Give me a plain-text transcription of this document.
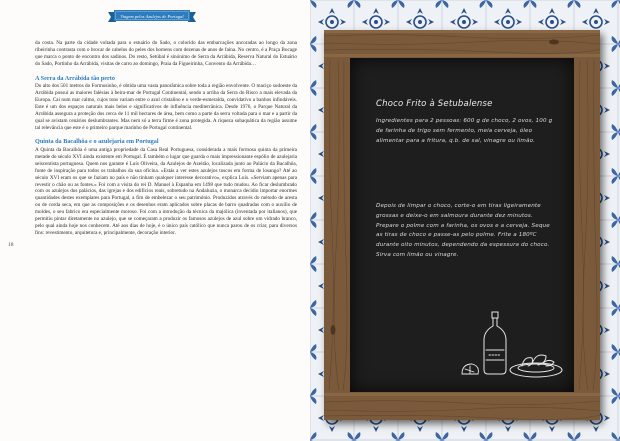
Viagem pelos Azulejos de Portugal
18

da costa. Na parte da cidade voltada para o estuário do Sado, o colorido das embarcações ancoradas ao longo da zona ribeirinha contrasta com o brocar de cabelos do peles dos homens com dezenas de anos de faina. No centro, é a Praça Bocage que marca o ponto de encontro dos sadinos. Do resto, Setúbal é sinónimo de Serra da Arrábida, Reserva Natural do Estuário do Sado, Portinho da Arrábida, visitas de carro ao domingo, Praia da Figueirinha, Convento da Arrábida…

A Serra da Arrábida tão perto

Do alto dos 501 metros do Formosinho, é obtida uma vasta panorâmica sobre toda a região envolvente. O maciço sudoeste da Arrábida possui as maiores falésias à beira-mar de Portugal Continental, sendo a arriba da Serra do Risco a mais elevada da Europa. Cai num mar calmo, cujos tons variam entre o azul cristalino e o verde-esmeralda, convidativo a banhos infindáveis. Este é um dos espaços naturais mais belos e significativos de influência mediterrânica. Desde 1976, o Parque Natural da Arrábida assegura a proteção dos cerca de 11 mil hectares de área, bem como a parte da serra voltada para o mar e a partir da qual se avistam cenários deslumbrantes. Mas nem só a terra firme é zona protegida. A riqueza subaquática da região assume tal relevância que este é o primeiro parque marinho de Portugal continental.

Quinta da Bacalhôa e o azulejaria em Portugal

A Quinta da Bacalhôa é uma antiga propriedade da Casa Real Portuguesa, considerada a mais formosa quinta da primeira metade do século XVI ainda existente em Portugal. É também o lugar que guarda o mais impressionante espólio de azulejaria seiscentista portuguesa. Quem nos garante é Luís Oliveira, da Azulejos de Azeitão, localizada junto ao Palácio da Bacalhôa, fonte de inspiração para todos os trabalhos da sua oficina. «Estás a ver estes azulejos toscos em forma de losango? Até ao século XVI eram os que se faziam no país e não tinham qualquer interesse decorativo», explica Luís. «Serviam apenas para revestir o chão ou as fontes.» Foi com a visita do rei D. Manuel à Espanha em 1498 que tudo mudou. Ao ficar deslumbrado com os azulejos dos palácios, das igrejas e dos edifícios reais, sobretudo na Andaluzia, o monarca decidiu importar enormes quantidades destes exemplares para Portugal, a fim de embelezar o seu património. Produzidos através do método de aresta ou de corda seca, em que as composições e os desenhos eram aplicados sobre placas de barro quadradas com o auxílio de moldes, o seu fabrico era especialmente moroso. Foi com a introdução da técnica da majólica (inventada por italianos), que permitiu pintar diretamente no azulejo, que se começaram a produzir os famosos azulejos de azul sobre um vidrado branco, pelo qual ainda hoje nos conhecem. Até aos dias de hoje, é o único país católico que nunca parou de os criar, para diversos fins: revestimento, arquitetura e, principalmente, decoração interior.

Choco Frito à Setubalense

Ingredientes para 2 pessoas: 600 g de choco, 2 ovos, 100 g de farinha de trigo sem fermento, meia cerveja, óleo alimentar para a fritura, q.b. de sal, vinagre ou limão.

Depois de limpar o choco, corte-o em tiras ligeiramente grossas e deixe-o em salmoura durante dez minutos. Prepare o polme com a farinha, os ovos e a cerveja. Seque as tiras de choco e passe-as pelo polme. Frite a 180ºC durante oito minutos, dependendo da espessura do choco. Sirva com limão ou vinagre.
